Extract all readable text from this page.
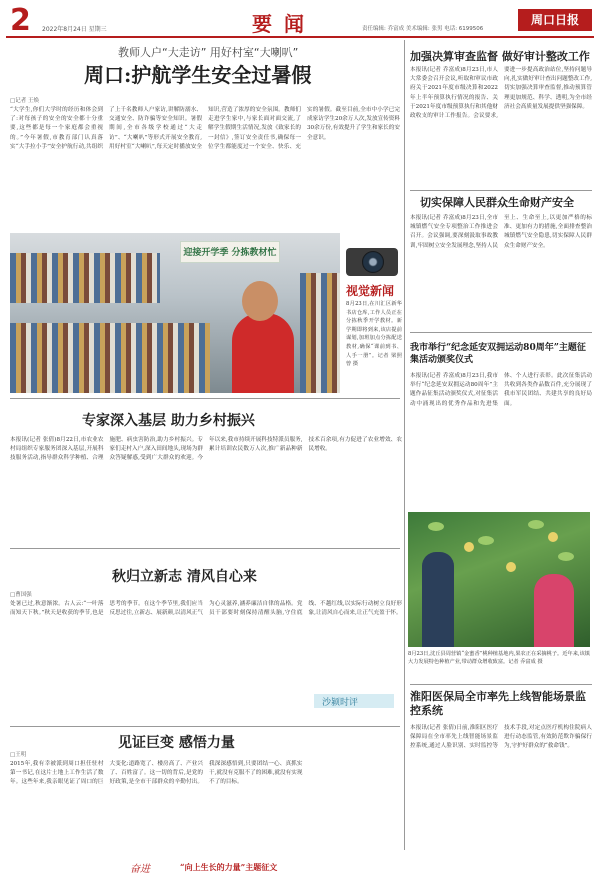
2 2022年8月24日 星期三	要闻	责任编辑: 乔富成 美术编辑: 张男 电话: 6199506
周口日报
教师人户“大走访” 用好村室“大喇叭”
周口:护航学生安全过暑假
□记者 王焕
“大学生,你们大学时的经历和体会到了:对每孩子的安全的安全都十分重要,这些都是每一个家庭都会重视的。”今年暑假,市教育部门认真落实“大手拉小手”安全护航行动,共组织了上千名教师人户家访,讲解防溺水、交通安全、防诈骗等安全知识。暑假期间,全市各级学校通过“大走访”、“大喇叭”等形式开展安全教育,用好村室“大喇叭”,每天定时播放安全知识,营造了浓厚的安全氛围。教师们走进学生家中,与家长面对面交流,了解学生假期生活情况,发放《致家长的一封信》,签订安全责任书,确保每一位学生都能度过一个安全、快乐、充实的暑假。截至目前,全市中小学已完成家访学生20余万人次,发放宣传资料30余万份,有效提升了学生和家长的安全意识。
迎接开学季 分拣教材忙
视觉新闻
8月23日,在川汇区新华书店仓库,工作人员正在分拣秋季开学教材。新学期即将到来,该店提前谋划,加班加点分拣配送教材,确保“课前到书、人手一册”。记者 梁照曾 摄
加强决算审查监督 做好审计整改工作
本报讯(记者 乔富成)8月23日,市人大常委会召开会议,听取和审议市政府关于2021年度市级决算和2022年上半年预算执行情况的报告、关于2021年度市级预算执行和其他财政收支的审计工作报告。会议要求,要进一步提高政治站位,坚持问题导向,扎实做好审计查出问题整改工作,切实加强决算审查监督,推动预算管理更加规范、科学、透明,为全市经济社会高质量发展提供坚强保障。
切实保障人民群众生命财产安全
本报讯(记者 乔富成)8月23日,全市城镇燃气安全专项整治工作推进会召开。会议强调,要深刻汲取事故教训,牢固树立安全发展理念,坚持人民至上、生命至上,以更加严格的标准、更加有力的措施,全面排查整治城镇燃气安全隐患,切实保障人民群众生命财产安全。
我市举行“纪念延安双拥运动80周年”主题征集活动颁奖仪式
本报讯(记者 乔富成)8月23日,我市举行“纪念延安双拥运动80周年”主题作品征集活动颁奖仪式,对征集活动中涌现出的优秀作品和先进集体、个人进行表彰。此次征集活动共收到各类作品数百件,充分展现了我市军民团结、共建共享的良好局面。
专家深入基层 助力乡村振兴
本报讯(记者 张倩)8月22日,市农业农村局组织专家服务团深入基层,开展科技服务活动,指导群众科学种植、合理施肥、病虫害防治,助力乡村振兴。专家们走村入户,深入田间地头,现场为群众答疑解惑,受到广大群众的欢迎。今年以来,我市持续开展科技特派员服务,累计培训农民数万人次,推广新品种新技术百余项,有力促进了农业增效、农民增收。
8月23日,沈丘县周营镇“金蜜香”桃种植基地内,果农正在采摘桃子。近年来,该镇大力发展特色种植产业,带动群众增收致富。记者 乔富成 摄
秋归立新志 清风自心来
□曹国强
处暑已过,秋意渐浓。古人云:“一叶落而知天下秋。”秋天是收获的季节,也是思考的季节。在这个季节里,我们应当反思过往,立新志、展新颜,以清风正气为心灵滋养,涵养廉洁自律的品格。党员干部要时刻保持清醒头脑,守住底线、不越红线,以实际行动树立良好形象,让清风自心而来,让正气充盈于怀。
沙颍时评
见证巨变 感悟力量
□王明
2015年,我有幸被派到周口担任驻村第一书记,在这片土地上工作生活了数年。这些年来,我亲眼见证了周口的巨大变化:道路宽了、楼房高了、产业兴了、百姓富了。这一切的背后,是党的好政策,是全市干部群众的辛勤付出。我深深感悟到,只要团结一心、真抓实干,就没有克服不了的困难,就没有实现不了的目标。
淮阳医保局全市率先上线智能场景监控系统
本报讯(记者 张倩)日前,淮阳区医疗保障局在全市率先上线智能场景监控系统,通过人脸识别、实时监控等技术手段,对定点医疗机构住院病人进行动态监管,有效防范欺诈骗保行为,守护好群众的“救命钱”。
奋进	“向上生长的力量”主题征文
